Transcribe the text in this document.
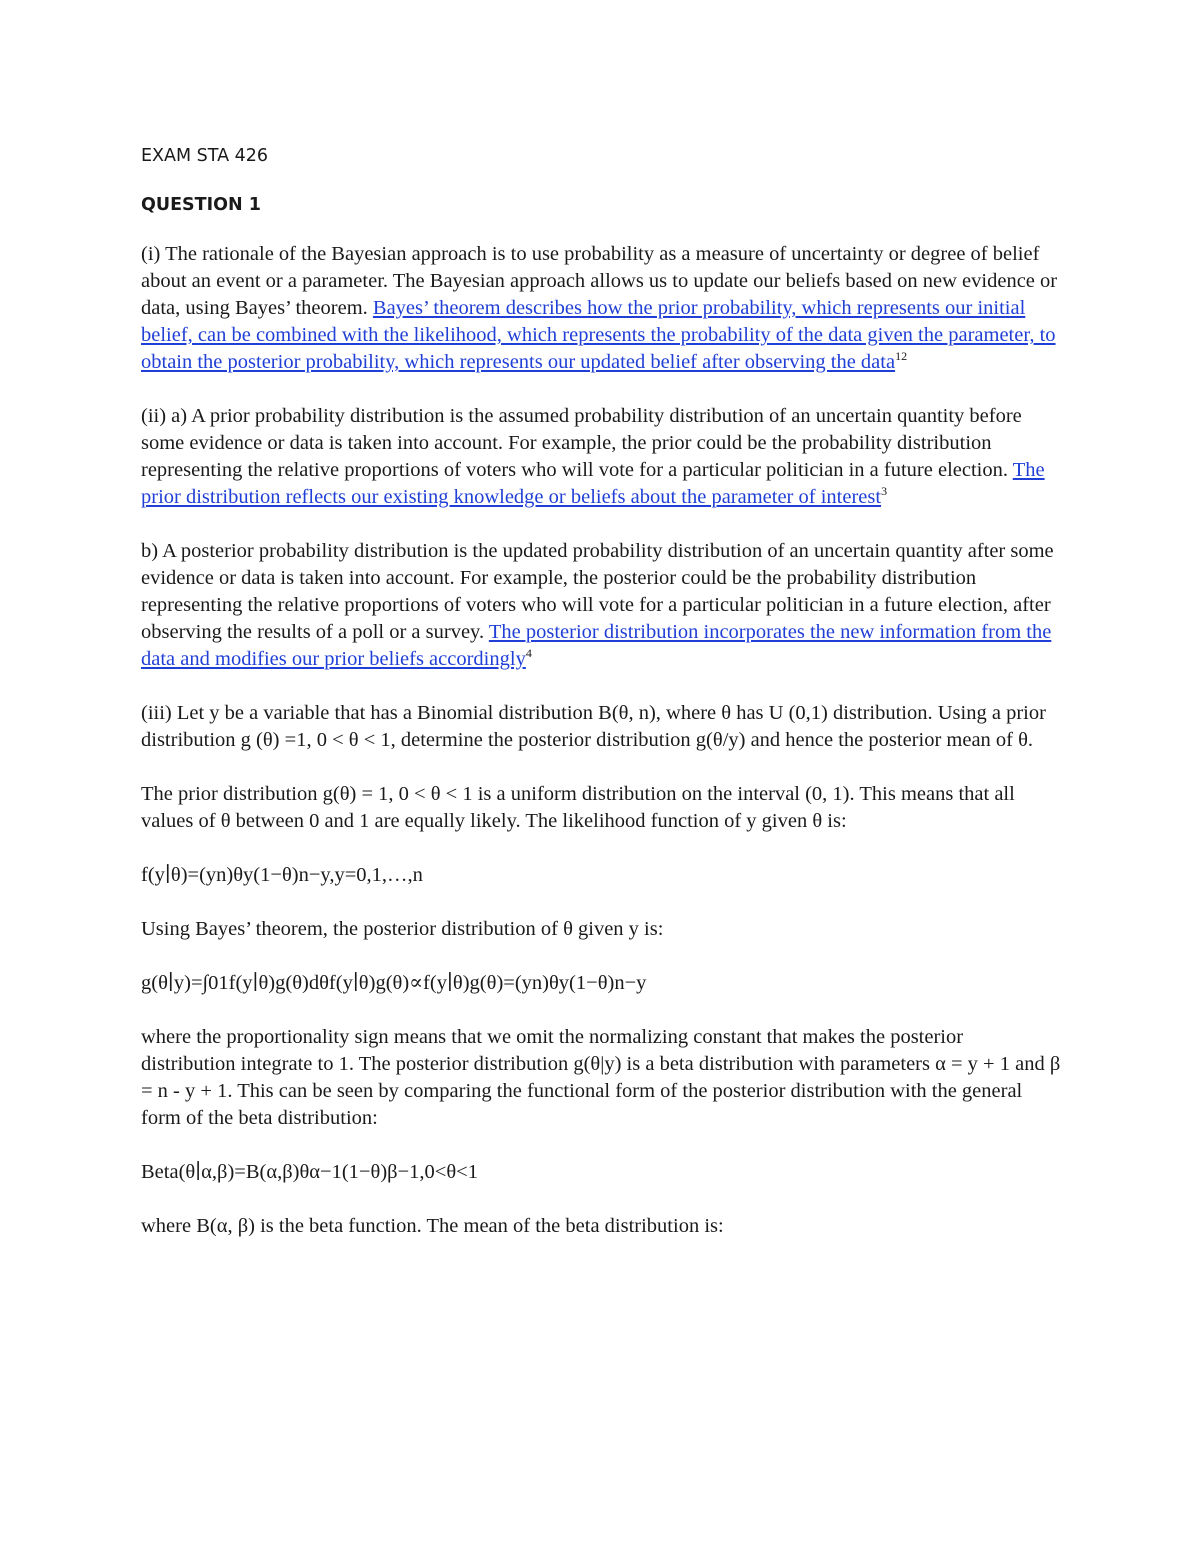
EXAM STA 426
QUESTION 1

(i) The rationale of the Bayesian approach is to use probability as a measure of uncertainty or degree of belief about an event or a parameter. The Bayesian approach allows us to update our beliefs based on new evidence or data, using Bayes’ theorem. Bayes’ theorem describes how the prior probability, which represents our initial belief, can be combined with the likelihood, which represents the probability of the data given the parameter, to obtain the posterior probability, which represents our updated belief after observing the data$^{12}$

(ii) a) A prior probability distribution is the assumed probability distribution of an uncertain quantity before some evidence or data is taken into account. For example, the prior could be the probability distribution representing the relative proportions of voters who will vote for a particular politician in a future election. The prior distribution reflects our existing knowledge or beliefs about the parameter of interest$^3$

b) A posterior probability distribution is the updated probability distribution of an uncertain quantity after some evidence or data is taken into account. For example, the posterior could be the probability distribution representing the relative proportions of voters who will vote for a particular politician in a future election, after observing the results of a poll or a survey. The posterior distribution incorporates the new information from the data and modifies our prior beliefs accordingly$^4$

(iii) Let y be a variable that has a Binomial distribution B(θ, n), where θ has U (0,1) distribution. Using a prior distribution g (θ) =1, 0 < θ < 1, determine the posterior distribution g(θ/y) and hence the posterior mean of θ.

The prior distribution g(θ) = 1, 0 < θ < 1 is a uniform distribution on the interval (0, 1). This means that all values of θ between 0 and 1 are equally likely. The likelihood function of y given θ is:

f(y∣θ)=(yn)θy(1−θ)n−y,y=0,1,…,n

Using Bayes’ theorem, the posterior distribution of θ given y is:

g(θ∣y)=∫01f(y∣θ)g(θ)dθf(y∣θ)g(θ)∝f(y∣θ)g(θ)=(yn)θy(1−θ)n−y

where the proportionality sign means that we omit the normalizing constant that makes the posterior distribution integrate to 1. The posterior distribution g(θ|y) is a beta distribution with parameters α = y + 1 and β = n - y + 1. This can be seen by comparing the functional form of the posterior distribution with the general form of the beta distribution:

Beta(θ∣α,β)=B(α,β)θα−1(1−θ)β−1,0<θ<1

where B(α, β) is the beta function. The mean of the beta distribution is:
